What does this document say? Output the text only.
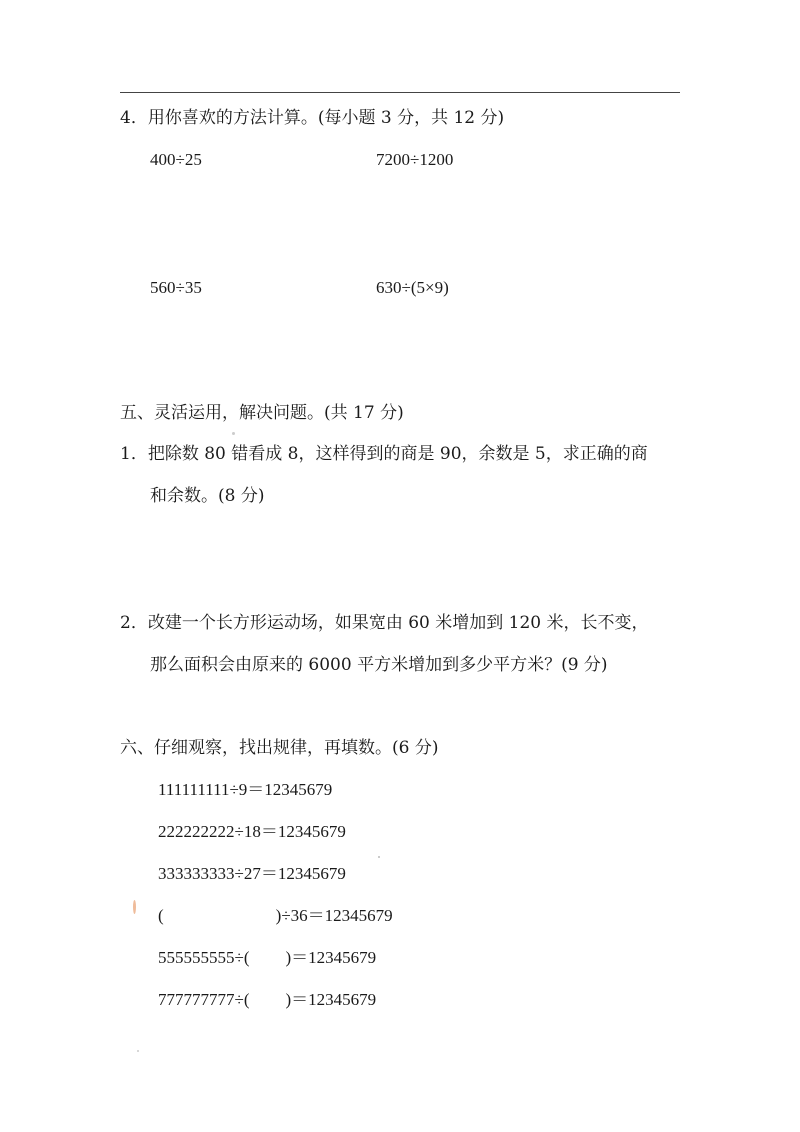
4．用你喜欢的方法计算。(每小题 3 分，共 12 分)
400÷25	7200÷1200
560÷35	630÷(5×9)
五、灵活运用，解决问题。(共 17 分)
1．把除数 80 错看成 8，这样得到的商是 90，余数是 5，求正确的商
和余数。(8 分)
2．改建一个长方形运动场，如果宽由 60 米增加到 120 米，长不变，
那么面积会由原来的 6000 平方米增加到多少平方米？(9 分)
六、仔细观察，找出规律，再填数。(6 分)
111111111÷9＝12345679
222222222÷18＝12345679
333333333÷27＝12345679
(	)÷36＝12345679
555555555÷( )＝12345679
777777777÷( )＝12345679
